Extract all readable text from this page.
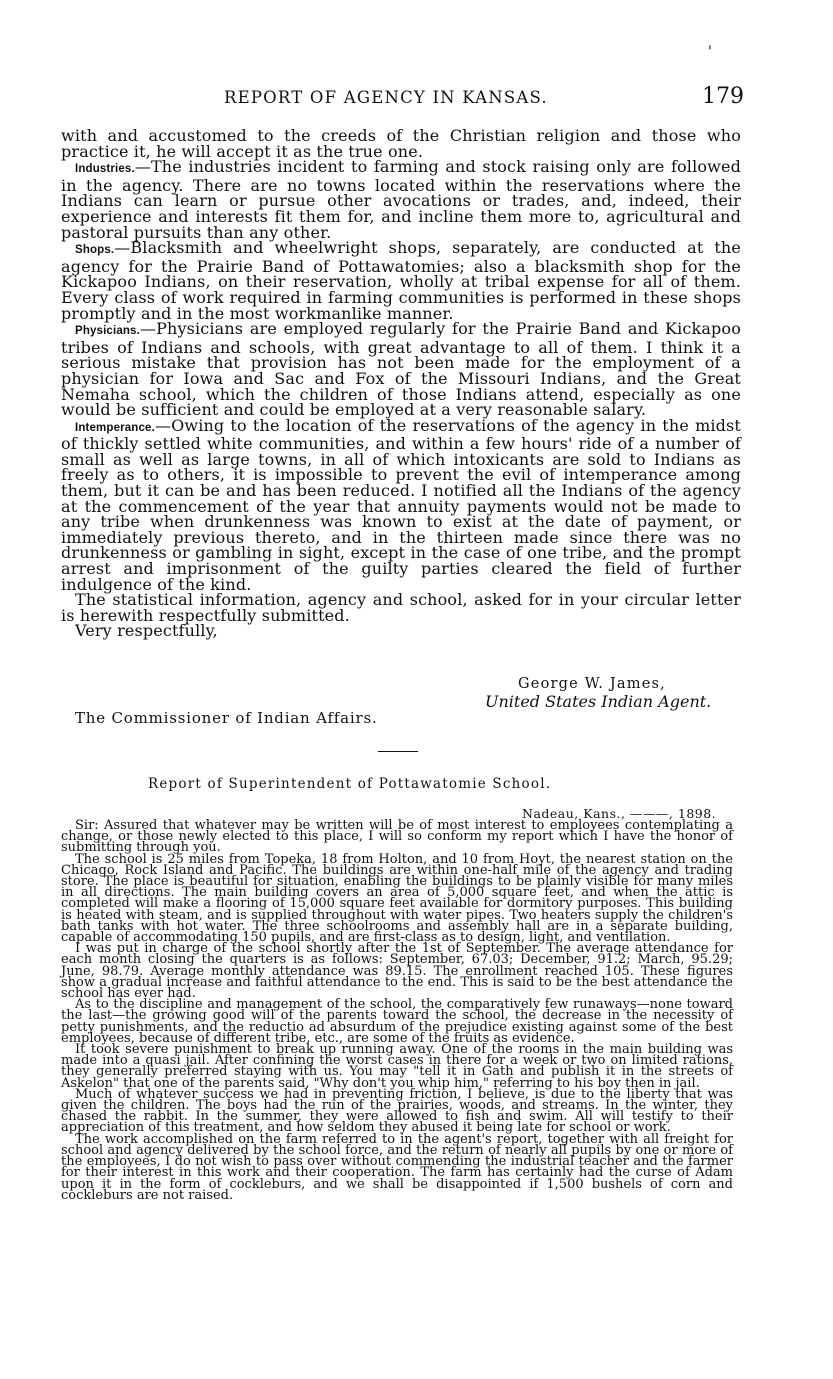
'
REPORT OF AGENCY IN KANSAS.	179

with and accustomed to the creeds of the Christian religion and those who practice it, he will accept it as the true one.

Industries.—The industries incident to farming and stock raising only are followed in the agency. There are no towns located within the reservations where the Indians can learn or pursue other avocations or trades, and, indeed, their experience and interests fit them for, and incline them more to, agricultural and pastoral pursuits than any other.

Shops.—Blacksmith and wheelwright shops, separately, are conducted at the agency for the Prairie Band of Pottawatomies; also a blacksmith shop for the Kickapoo Indians, on their reservation, wholly at tribal expense for all of them. Every class of work required in farming communities is performed in these shops promptly and in the most workmanlike manner.

Physicians.—Physicians are employed regularly for the Prairie Band and Kickapoo tribes of Indians and schools, with great advantage to all of them. I think it a serious mistake that provision has not been made for the employment of a physician for Iowa and Sac and Fox of the Missouri Indians, and the Great Nemaha school, which the children of those Indians attend, especially as one would be sufficient and could be employed at a very reasonable salary.

Intemperance.—Owing to the location of the reservations of the agency in the midst of thickly settled white communities, and within a few hours' ride of a number of small as well as large towns, in all of which intoxicants are sold to Indians as freely as to others, it is impossible to prevent the evil of intemperance among them, but it can be and has been reduced. I notified all the Indians of the agency at the commencement of the year that annuity payments would not be made to any tribe when drunkenness was known to exist at the date of payment, or immediately previous thereto, and in the thirteen made since there was no drunkenness or gambling in sight, except in the case of one tribe, and the prompt arrest and imprisonment of the guilty parties cleared the field of further indulgence of the kind.

The statistical information, agency and school, asked for in your circular letter is herewith respectfully submitted.

Very respectfully,

George W. James,
United States Indian Agent.
The Commissioner of Indian Affairs.
Report of Superintendent of Pottawatomie School.
Nadeau, Kans., ———, 1898.

Sir: Assured that whatever may be written will be of most interest to employees contemplating a change, or those newly elected to this place, I will so conform my report which I have the honor of submitting through you.

The school is 25 miles from Topeka, 18 from Holton, and 10 from Hoyt, the nearest station on the Chicago, Rock Island and Pacific. The buildings are within one-half mile of the agency and trading store. The place is beautiful for situation, enabling the buildings to be plainly visible for many miles in all directions. The main building covers an area of 5,000 square feet, and when the attic is completed will make a flooring of 15,000 square feet available for dormitory purposes. This building is heated with steam, and is supplied throughout with water pipes. Two heaters supply the children's bath tanks with hot water. The three schoolrooms and assembly hall are in a separate building, capable of accommodating 150 pupils, and are first-class as to design, light, and ventilation.

I was put in charge of the school shortly after the 1st of September. The average attendance for each month closing the quarters is as follows: September, 67.03; December, 91.2; March, 95.29; June, 98.79. Average monthly attendance was 89.15. The enrollment reached 105. These figures show a gradual increase and faithful attendance to the end. This is said to be the best attendance the school has ever had.

As to the discipline and management of the school, the comparatively few runaways—none toward the last—the growing good will of the parents toward the school, the decrease in the necessity of petty punishments, and the reductio ad absurdum of the prejudice existing against some of the best employees, because of different tribe, etc., are some of the fruits as evidence.

It took severe punishment to break up running away. One of the rooms in the main building was made into a quasi jail. After confining the worst cases in there for a week or two on limited rations, they generally preferred staying with us. You may "tell it in Gath and publish it in the streets of Askelon" that one of the parents said, "Why don't you whip him," referring to his boy then in jail.

Much of whatever success we had in preventing friction, I believe, is due to the liberty that was given the children. The boys had the run of the prairies, woods, and streams. In the winter, they chased the rabbit. In the summer, they were allowed to fish and swim. All will testify to their appreciation of this treatment, and how seldom they abused it being late for school or work.

The work accomplished on the farm referred to in the agent's report, together with all freight for school and agency delivered by the school force, and the return of nearly all pupils by one or more of the employees, I do not wish to pass over without commending the industrial teacher and the farmer for their interest in this work and their cooperation. The farm has certainly had the curse of Adam upon it in the form of cockleburs, and we shall be disappointed if 1,500 bushels of corn and cockleburs are not raised.
